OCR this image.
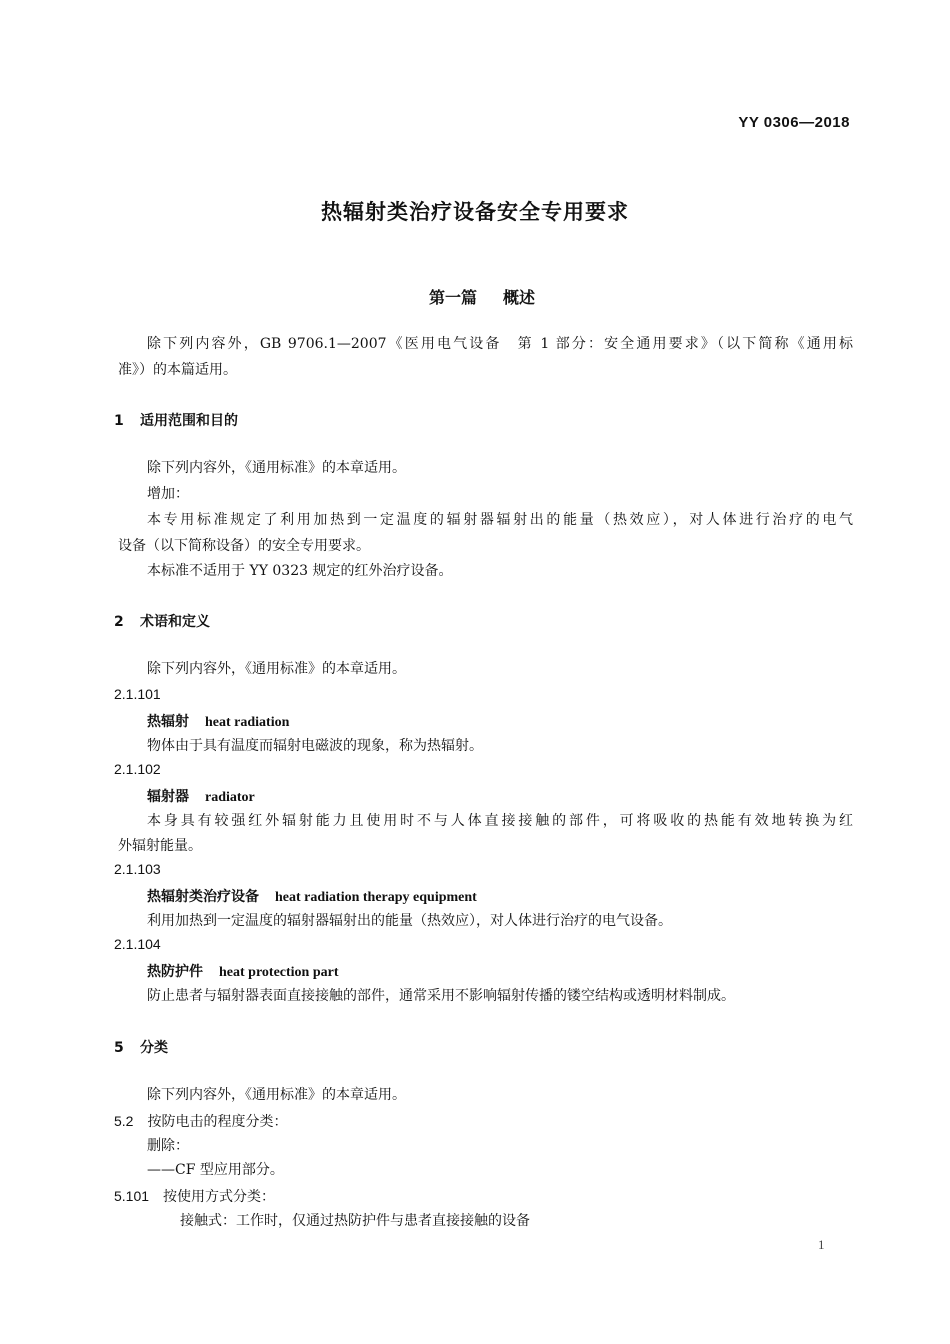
YY 0306—2018
热辐射类治疗设备安全专用要求
第一篇 概述
除下列内容外，GB 9706.1—2007《医用电气设备　第 1 部分：安全通用要求》（以下简称《通用标
准》）的本篇适用。
1 适用范围和目的
除下列内容外，《通用标准》的本章适用。
增加：
本专用标准规定了利用加热到一定温度的辐射器辐射出的能量（热效应），对人体进行治疗的电气
设备（以下简称设备）的安全专用要求。
本标准不适用于 YY 0323 规定的红外治疗设备。
2 术语和定义
除下列内容外，《通用标准》的本章适用。
2.1.101
热辐射 heat radiation
物体由于具有温度而辐射电磁波的现象，称为热辐射。
2.1.102
辐射器 radiator
本身具有较强红外辐射能力且使用时不与人体直接接触的部件，可将吸收的热能有效地转换为红
外辐射能量。
2.1.103
热辐射类治疗设备 heat radiation therapy equipment
利用加热到一定温度的辐射器辐射出的能量（热效应），对人体进行治疗的电气设备。
2.1.104
热防护件 heat protection part
防止患者与辐射器表面直接接触的部件，通常采用不影响辐射传播的镂空结构或透明材料制成。
5 分类
除下列内容外，《通用标准》的本章适用。
5.2 按防电击的程度分类：
删除：
——CF 型应用部分。
5.101 按使用方式分类：
接触式：工作时，仅通过热防护件与患者直接接触的设备
1
